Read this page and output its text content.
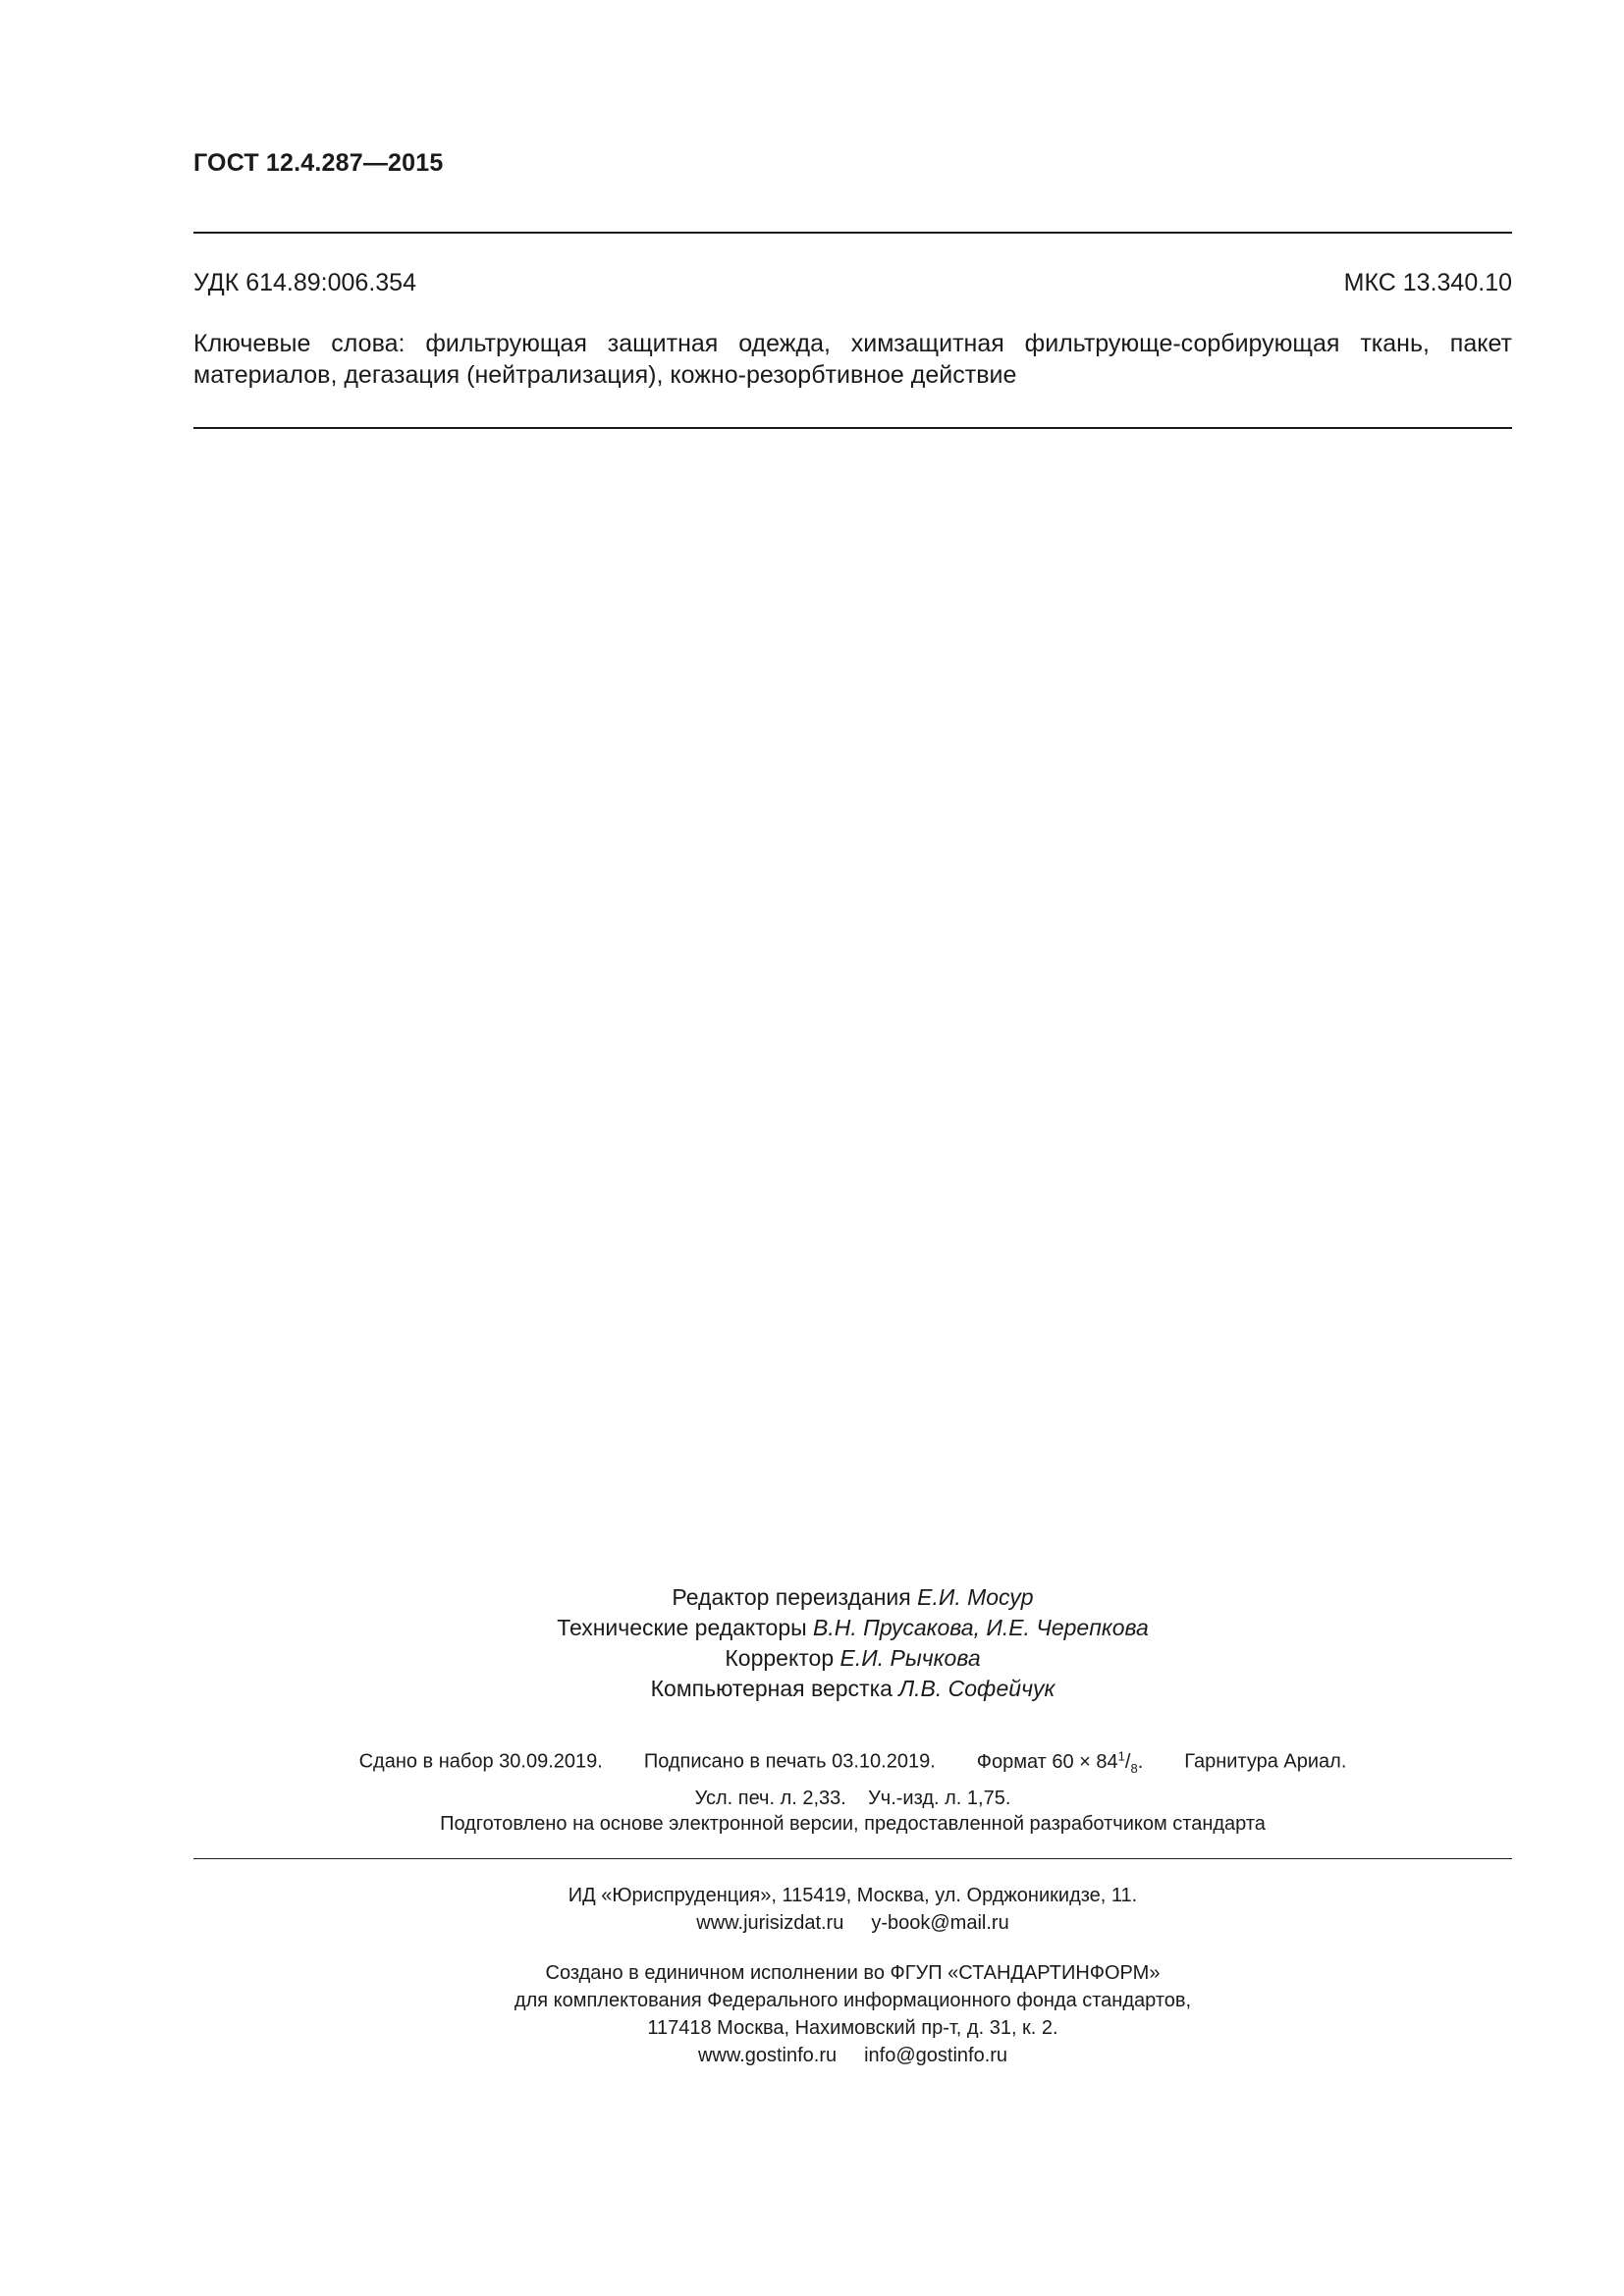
ГОСТ 12.4.287—2015
УДК 614.89:006.354	МКС 13.340.10
Ключевые слова: фильтрующая защитная одежда, химзащитная фильтрующе-сорбирующая ткань, пакет материалов, дегазация (нейтрализация), кожно-резорбтивное действие
Редактор переиздания Е.И. Мосур
Технические редакторы В.Н. Прусакова, И.Е. Черепкова
Корректор Е.И. Рычкова
Компьютерная верстка Л.В. Софейчук
Сдано в набор 30.09.2019. Подписано в печать 03.10.2019. Формат $60 \times 84^1/_8$. Гарнитура Ариал.
Усл. печ. л. 2,33. Уч.-изд. л. 1,75.
Подготовлено на основе электронной версии, предоставленной разработчиком стандарта
ИД «Юриспруденция», 115419, Москва, ул. Орджоникидзе, 11.
www.jurisizdat.ru y-book@mail.ru
Создано в единичном исполнении во ФГУП «СТАНДАРТИНФОРМ»
для комплектования Федерального информационного фонда стандартов,
117418 Москва, Нахимовский пр-т, д. 31, к. 2.
www.gostinfo.ru info@gostinfo.ru
